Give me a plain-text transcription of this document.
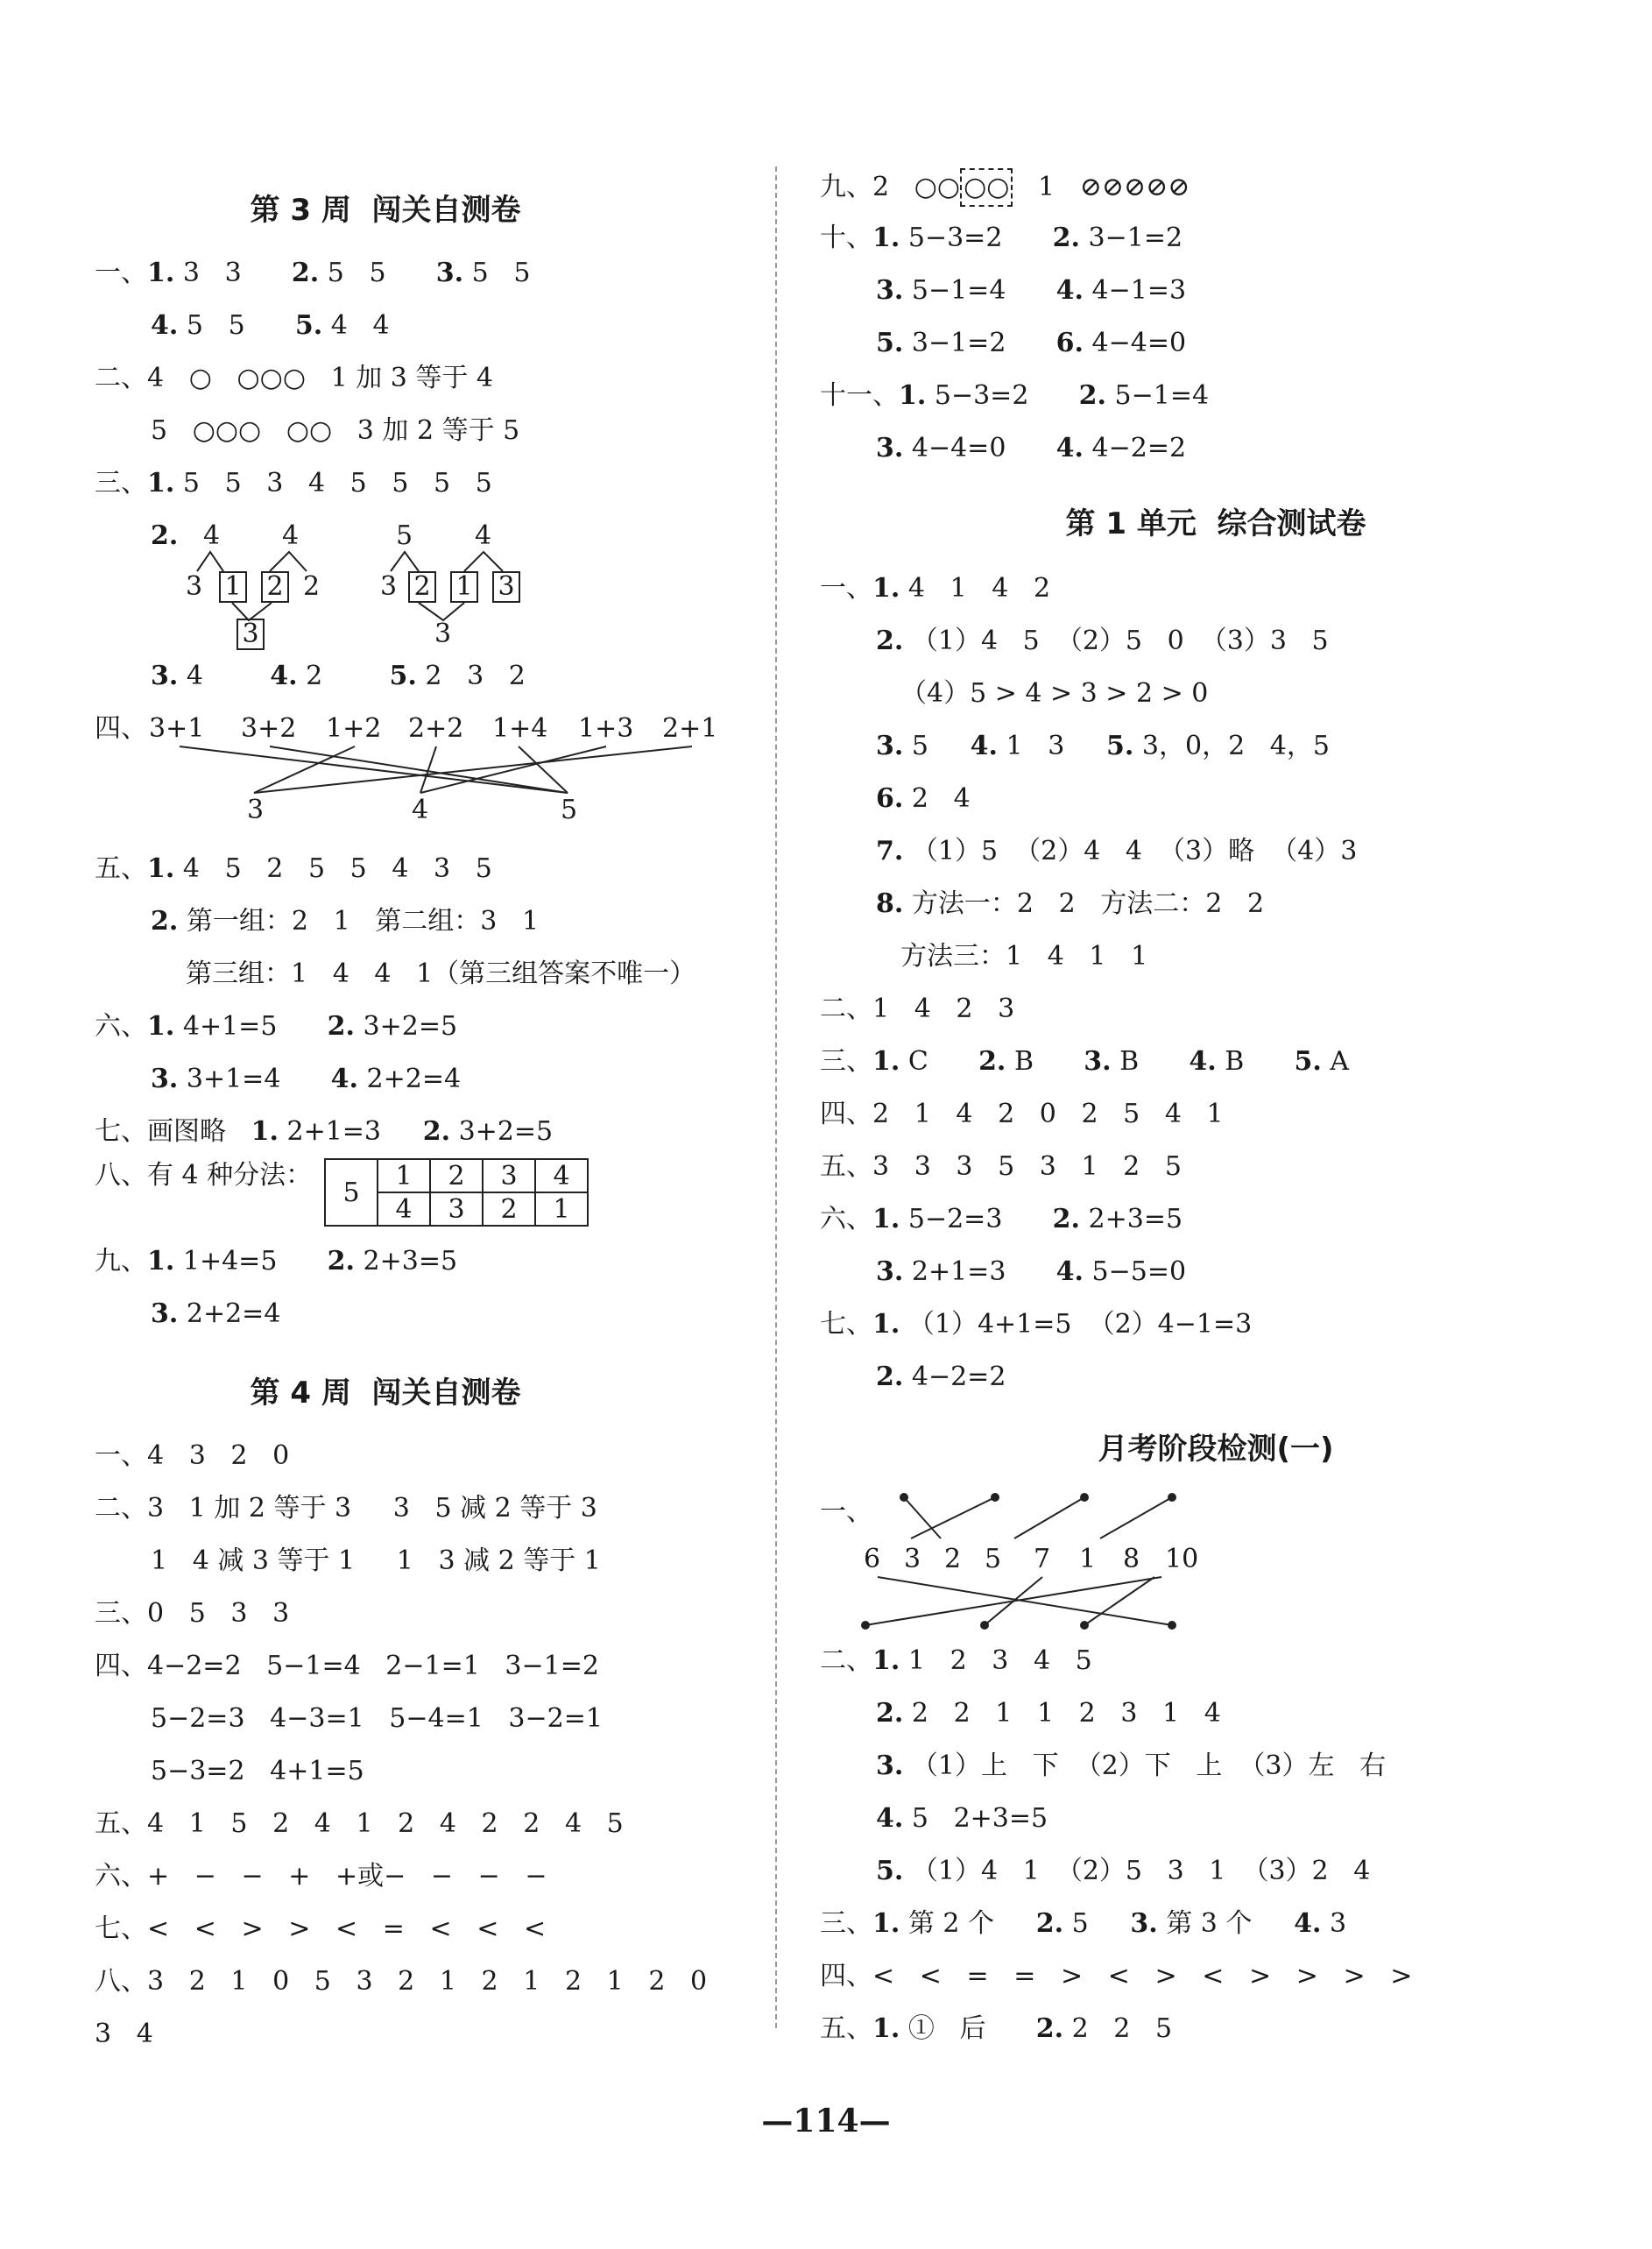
第 3 周  闯关自测卷
一、1. 3   3 2. 5   5 3. 5   5
4. 5   5 5. 4   4
二、4   ○   ○○○   1 加 3 等于 4
5   ○○○   ○○   3 加 2 等于 5
三、1. 5   5   3   4   5   5   5   5
2. 4 4
3 1 2 2
3
5 4
3 2 1 3
3
3. 4	4. 2	5. 2   3   2
四、 3+1 3+2 1+2 2+2 1+4 1+3 2+1
3	4	5
五、1. 4   5   2   5   5   4   3   5
2. 第一组：2   1   第二组：3   1
第三组：1   4   4   1（第三组答案不唯一）
六、1. 4+1=5 2. 3+2=5
3. 3+1=4 4. 2+2=4
七、画图略 1. 2+1=3 2. 3+2=5
八、有 4 种分法：
5	1	2	3	4
	4	3	2	1
九、1. 1+4=5 2. 2+3=5
3. 2+2=4
第 4 周  闯关自测卷
一、4   3   2   0
二、3   1 加 2 等于 3     3   5 减 2 等于 3
1   4 减 3 等于 1     1   3 减 2 等于 1
三、0   5   3   3
四、4−2=2   5−1=4   2−1=1   3−1=2
5−2=3   4−3=1   5−4=1   3−2=1
5−3=2   4+1=5
五、4   1   5   2   4   1   2   4   2   2   4   5
六、+   −   −   +   +或−   −   −   −
七、<   <   >   >   <   =   <   <   <
八、3   2   1   0   5   3   2   1   2   1   2   1   2   0
3   4
九、2   ○○ ○○   1   ⊘⊘⊘⊘⊘
十、1. 5−3=2 2. 3−1=2
3. 5−1=4 4. 4−1=3
5. 3−1=2 6. 4−4=0
十一、1. 5−3=2 2. 5−1=4
3. 4−4=0 4. 4−2=2
第 1 单元  综合测试卷
一、1. 4   1   4   2
2. （1）4   5  （2）5   0  （3）3   5
（4）5 > 4 > 3 > 2 > 0
3. 5 4. 1   3 5. 3，0，2   4，5
6. 2   4
7. （1）5  （2）4   4  （3）略  （4）3
8. 方法一：2   2   方法二：2   2
方法三：1   4   1   1
二、1   4   2   3
三、1. C 2. B 3. B 4. B 5. A
四、2   1   4   2   0   2   5   4   1
五、3   3   3   5   3   1   2   5
六、1. 5−2=3 2. 2+3=5
3. 2+1=3 4. 5−5=0
七、1. （1）4+1=5  （2）4−1=3
2. 4−2=2
月考阶段检测(一)
一、
6 3 2 5 7 1 8 10
二、1. 1   2   3   4   5
2. 2   2   1   1   2   3   1   4
3. （1）上   下  （2）下   上  （3）左   右
4. 5   2+3=5
5. （1）4   1  （2）5   3   1  （3）2   4
三、1. 第 2 个 2. 5 3. 第 3 个 4. 3
四、<   <   =   =   >   <   >   <   >   >   >   >
五、1. ①   后 2. 2   2   5
—114—
